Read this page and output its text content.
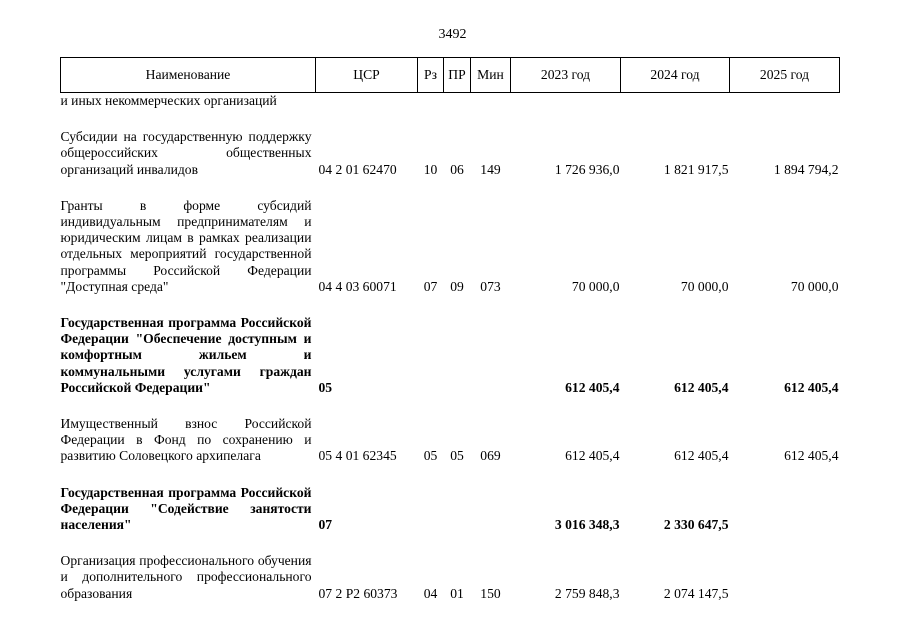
3492
Наименование	ЦСР	Рз	ПР	Мин	2023 год	2024 год	2025 год
и иных некоммерческих организаций							
Субсидии на государственную поддержку общероссийских общественных организаций инвалидов	04 2 01 62470	10	06	149	1 726 936,0	1 821 917,5	1 894 794,2
Гранты в форме субсидий индивидуальным предпринимателям и юридическим лицам в рамках реализации отдельных мероприятий государственной программы Российской Федерации "Доступная среда"	04 4 03 60071	07	09	073	70 000,0	70 000,0	70 000,0
Государственная программа Российской Федерации "Обеспечение доступным и комфортным жильем и коммунальными услугами граждан Российской Федерации"	05				612 405,4	612 405,4	612 405,4
Имущественный взнос Российской Федерации в Фонд по сохранению и развитию Соловецкого архипелага	05 4 01 62345	05	05	069	612 405,4	612 405,4	612 405,4
Государственная программа Российской Федерации "Содействие занятости населения"	07				3 016 348,3	2 330 647,5	
Организация профессионального обучения и дополнительного профессионального образования	07 2 P2 60373	04	01	150	2 759 848,3	2 074 147,5	
